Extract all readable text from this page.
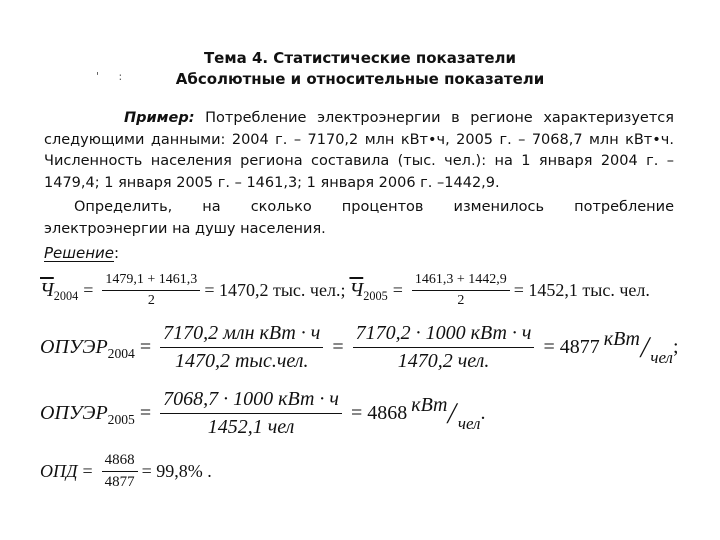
Тема 4. Статистические показатели
Абсолютные и относительные показатели
' :
Пример: Потребление электроэнергии в регионе характеризуется следующими данными: 2004 г. – 7170,2 млн кВт•ч, 2005 г. – 7068,7 млн кВт•ч. Численность населения региона составила (тыс. чел.): на 1 января 2004 г. – 1479,4; 1 января 2005 г. – 1461,3; 1 января 2006 г. –1442,9.
Определить, на сколько процентов изменилось потребление электроэнергии на душу населения.
Решение:
Ч $2004 = \frac{1479,1 + 1461,3}{2} = 1470,2$ тыс. чел.; Ч $2005 = \frac{1461,3 + 1442,9}{2} = 1452,1$ тыс. чел.
ОПУЭР $2004 = \frac{\text{7170,2 млн кВт · ч}}{\text{1470,2 тыс.чел.}} = \frac{\text{7170,2 · 1000 кВт · ч}}{\text{1470,2 чел.}} = 4877$ кВт
/
чел ;
ОПУЭР $2005 = \frac{\text{7068,7 · 1000 кВт · ч}}{\text{1452,1 чел}} = 4868$ кВт
/
чел .
ОПД = $\frac{4868}{4877} = 99,8\%$ .
